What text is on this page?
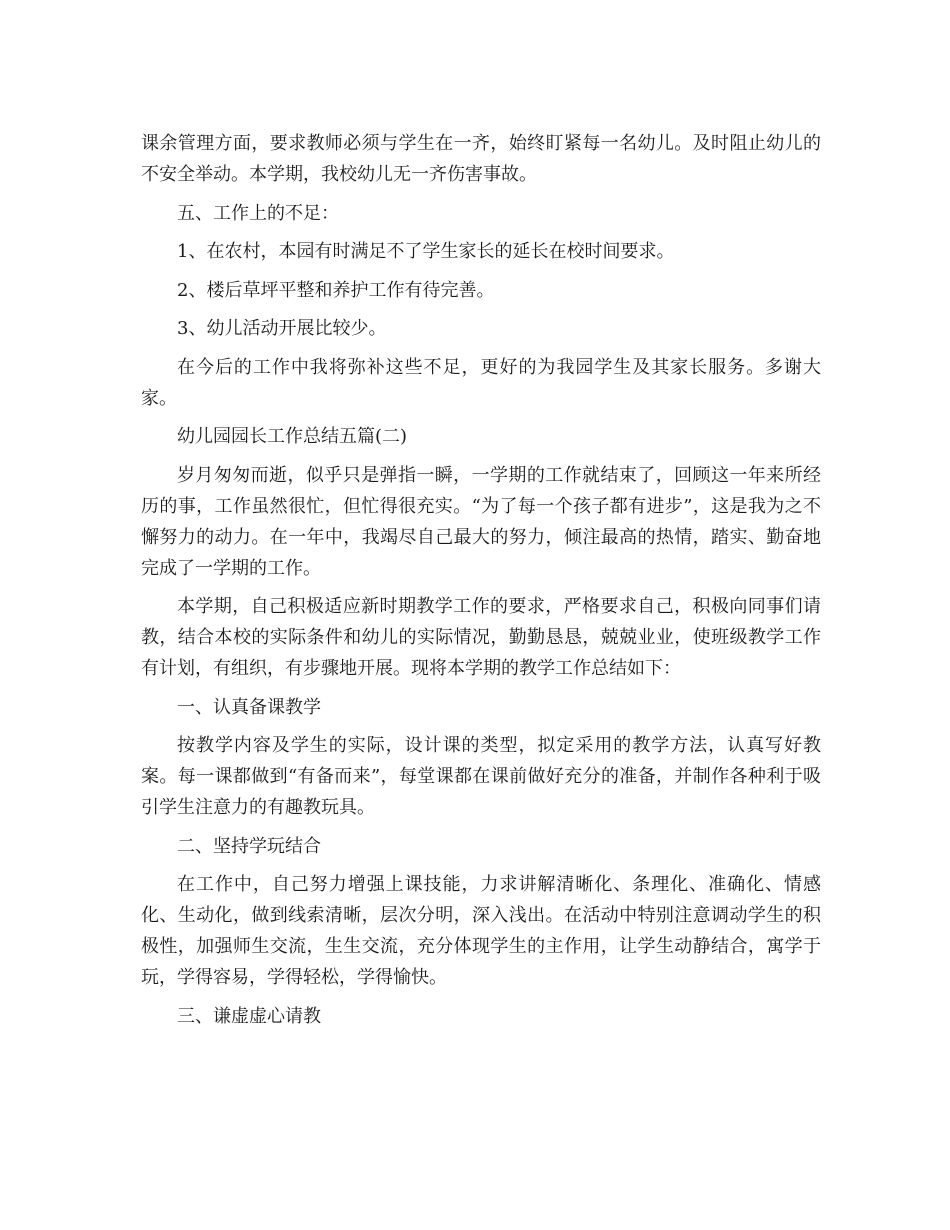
课余管理方面，要求教师必须与学生在一齐，始终盯紧每一名幼儿。及时阻止幼儿的不安全举动。本学期，我校幼儿无一齐伤害事故。

五、工作上的不足：

1、在农村，本园有时满足不了学生家长的延长在校时间要求。

2、楼后草坪平整和养护工作有待完善。

3、幼儿活动开展比较少。

在今后的工作中我将弥补这些不足，更好的为我园学生及其家长服务。多谢大家。

幼儿园园长工作总结五篇(二)

岁月匆匆而逝，似乎只是弹指一瞬，一学期的工作就结束了，回顾这一年来所经历的事，工作虽然很忙，但忙得很充实。“为了每一个孩子都有进步”，这是我为之不懈努力的动力。在一年中，我竭尽自己最大的努力，倾注最高的热情，踏实、勤奋地完成了一学期的工作。

本学期，自己积极适应新时期教学工作的要求，严格要求自己，积极向同事们请教，结合本校的实际条件和幼儿的实际情况，勤勤恳恳，兢兢业业，使班级教学工作有计划，有组织，有步骤地开展。现将本学期的教学工作总结如下：

一、认真备课教学

按教学内容及学生的实际，设计课的类型，拟定采用的教学方法，认真写好教案。每一课都做到“有备而来”，每堂课都在课前做好充分的准备，并制作各种利于吸引学生注意力的有趣教玩具。

二、坚持学玩结合

在工作中，自己努力增强上课技能，力求讲解清晰化、条理化、准确化、情感化、生动化，做到线索清晰，层次分明，深入浅出。在活动中特别注意调动学生的积极性，加强师生交流，生生交流，充分体现学生的主作用，让学生动静结合，寓学于玩，学得容易，学得轻松，学得愉快。

三、谦虚虚心请教
